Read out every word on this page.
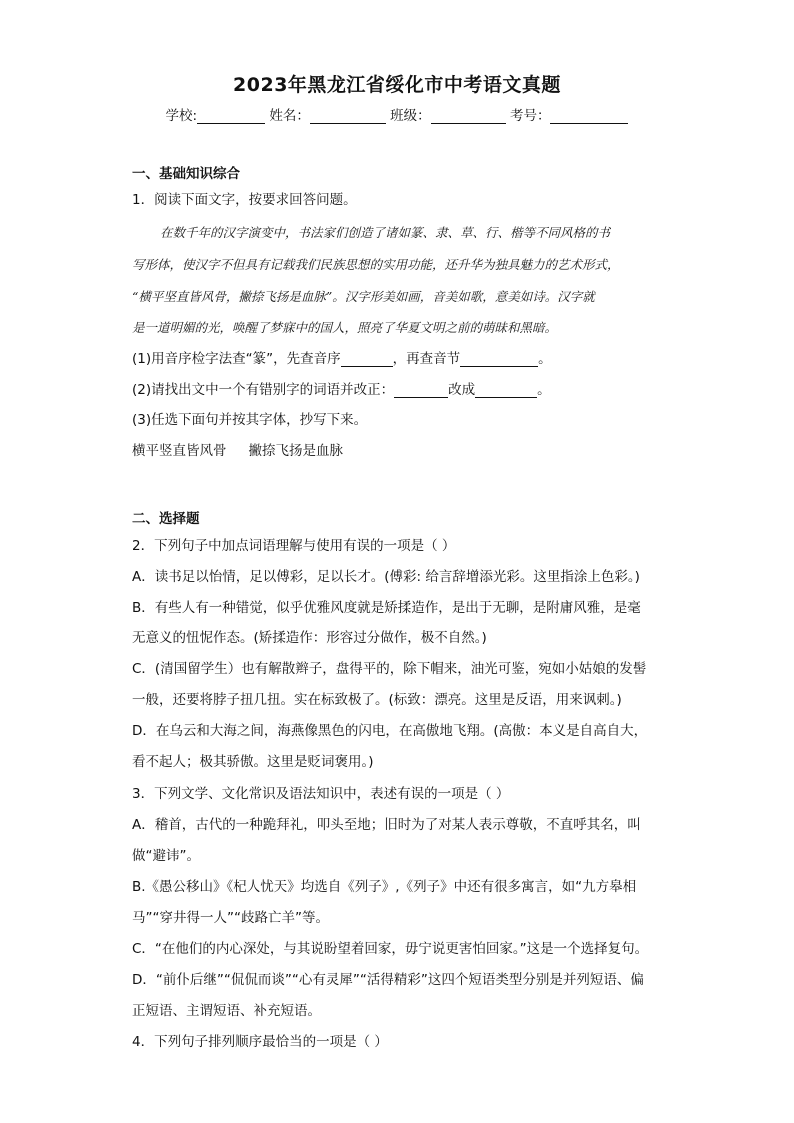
2023年黑龙江省绥化市中考语文真题
学校:	姓名：	班级：	考号：
一、基础知识综合
1．阅读下面文字，按要求回答问题。
在数千年的汉字演变中，书法家们创造了诸如篆、隶、草、行、楷等不同风格的书
写形体，使汉字不但具有记载我们民族思想的实用功能，还升华为独具魅力的艺术形式，
“横平坚直皆风骨，撇捺飞扬是血脉”。汉字形美如画，音美如歌，意美如诗。汉字就
是一道明媚的光，唤醒了梦寐中的国人，照亮了华夏文明之前的萌昧和黑暗。
(1)用音序检字法查“篆”，先查音序	，再查音节	。
(2)请找出文中一个有错别字的词语并改正：	改成	。
(3)任选下面句并按其字体，抄写下来。
横平竖直皆风骨 撇捺飞扬是血脉
二、选择题
2．下列句子中加点词语理解与使用有误的一项是（ ）
A．读书足以怡情，足以傅彩，足以长才。(傅彩: 给言辞增添光彩。这里指涂上色彩。)
B．有些人有一种错觉，似乎优雅风度就是矫揉造作，是出于无聊，是附庸风雅，是毫
无意义的忸怩作态。(矫揉造作：形容过分做作，极不自然。)
C．(清国留学生）也有解散辫子，盘得平的，除下帽来，油光可鉴，宛如小姑娘的发髻
一般，还要将脖子扭几扭。实在标致极了。(标致：漂亮。这里是反语，用来讽刺。)
D．在乌云和大海之间，海燕像黑色的闪电，在高傲地飞翔。(高傲：本义是自高自大，
看不起人；极其骄傲。这里是贬词褒用。)
3．下列文学、文化常识及语法知识中，表述有误的一项是（ ）
A．稽首，古代的一种跪拜礼，叩头至地；旧时为了对某人表示尊敬，不直呼其名，叫
做“避讳”。
B.《愚公移山》《杞人忧天》均选自《列子》,《列子》中还有很多寓言，如“九方皋相
马”“穿井得一人”“歧路亡羊”等。
C．“在他们的内心深处，与其说盼望着回家，毋宁说更害怕回家。”这是一个选择复句。
D．“前仆后继”“侃侃而谈”“心有灵犀”“活得精彩”这四个短语类型分别是并列短语、偏
正短语、主谓短语、补充短语。
4．下列句子排列顺序最恰当的一项是（ ）
